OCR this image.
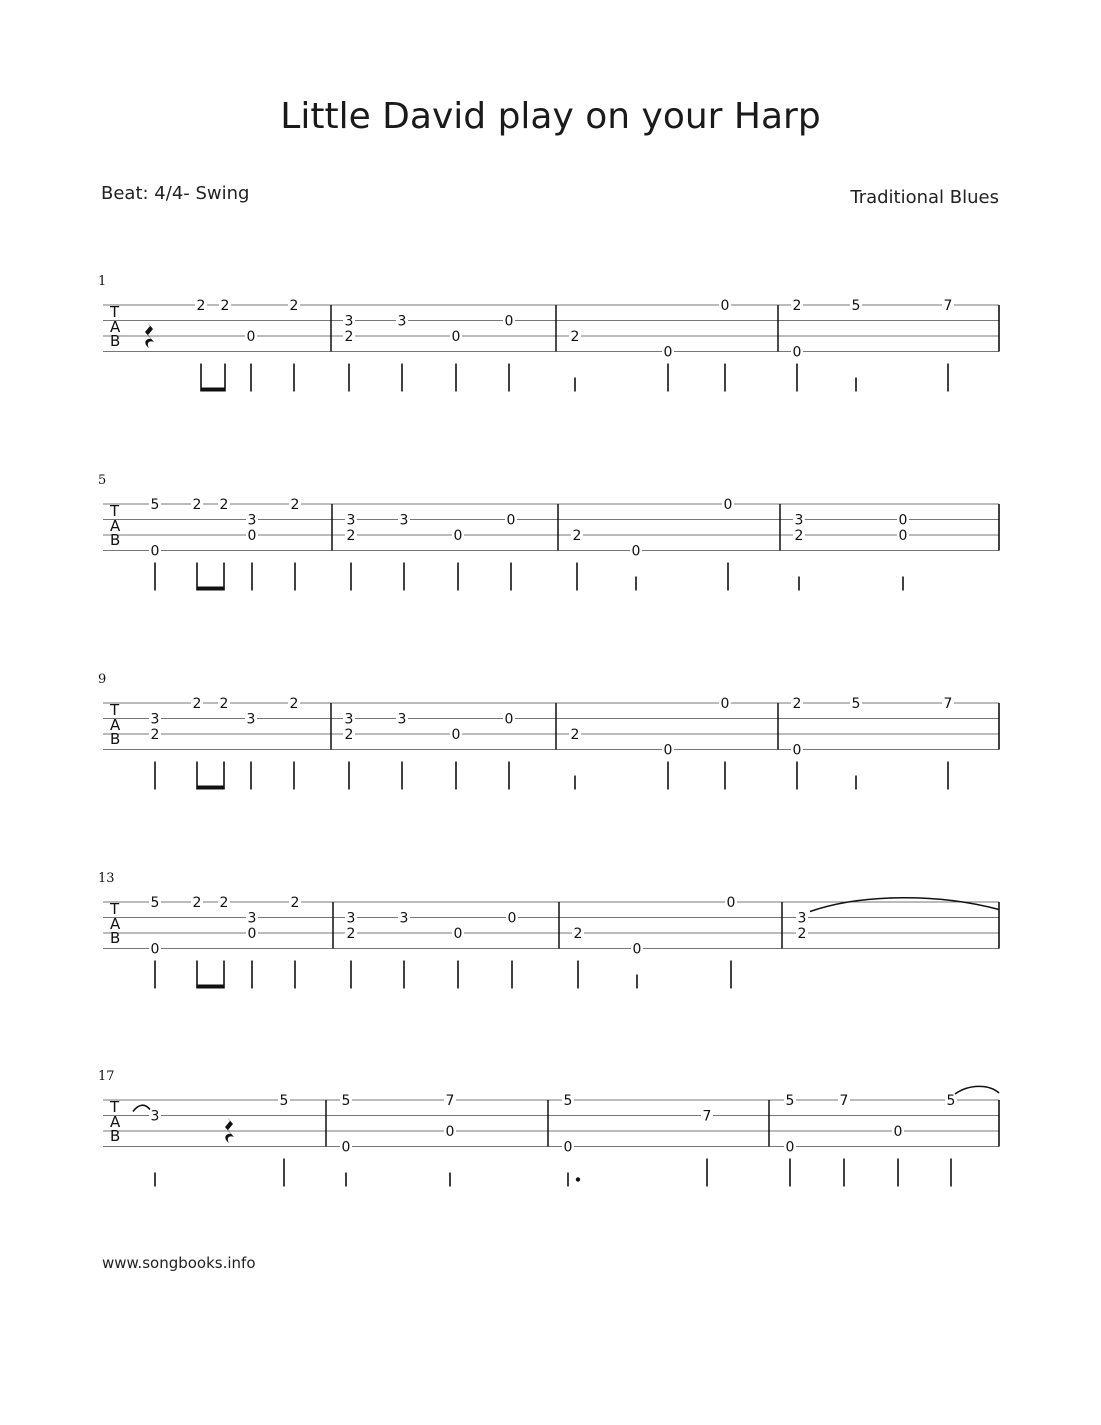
Little David play on your Harp
Beat: 4/4- Swing	Traditional Blues
www.songbooks.info
1
T
A
B
2 2
0
2
3
2
3
0
0
2
0
0	2
0
5	7
5
T
A
B
5
0
2 2
3
0
2
3
2
3
0
0
2
0
0
3
2
0
0
9
T
A
B
3
2
2 2
3
2
3
2
3
0
0
2
0
0	2
0
5	7
13
T
A
B
5
0
2 2
3
0
2
3
2
3
0
0
2
0
0
3
2
17
T
A
B
3
5	5
0
7
0
5
0
7
5
0
7
0
5
